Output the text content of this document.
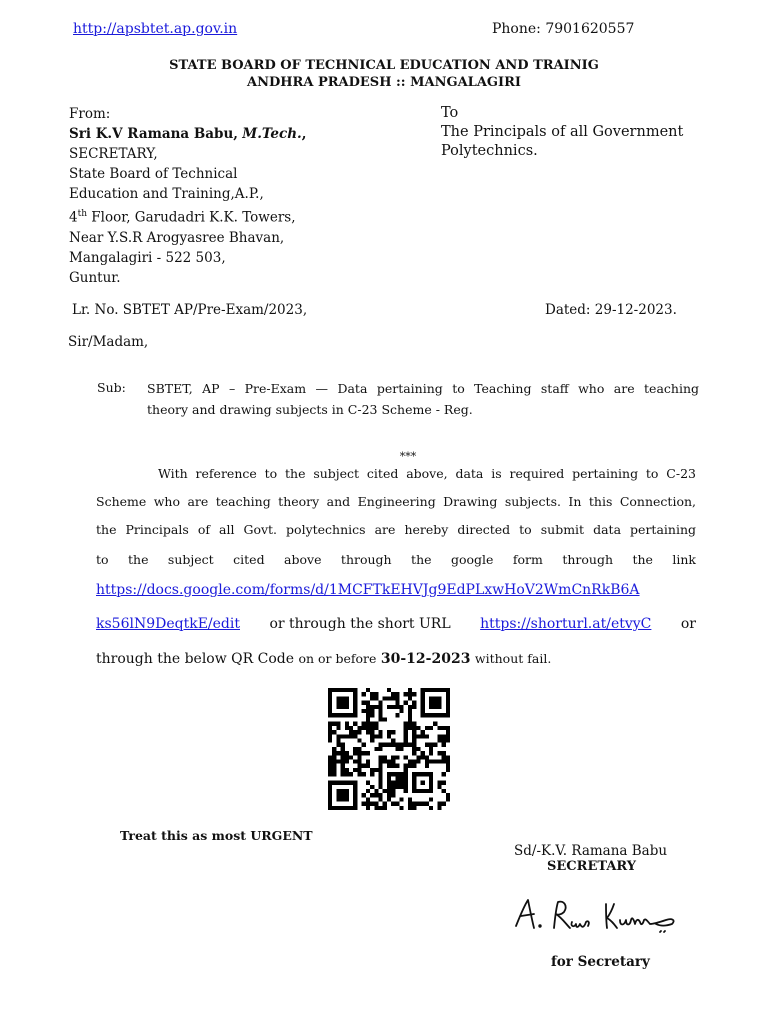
http://apsbtet.ap.gov.in	Phone: 7901620557
STATE BOARD OF TECHNICAL EDUCATION AND TRAINIG
ANDHRA PRADESH :: MANGALAGIRI
From:
Sri K.V Ramana Babu, M.Tech.,
SECRETARY,
State Board of Technical
Education and Training,A.P.,
4th Floor, Garudadri K.K. Towers,
Near Y.S.R Arogyasree Bhavan,
Mangalagiri - 522 503,
Guntur.
To
The Principals of all Government
Polytechnics.
Lr. No. SBTET AP/Pre-Exam/2023,	Dated: 29-12-2023.
Sir/Madam,
Sub: SBTET, AP – Pre-Exam — Data pertaining to Teaching staff who are teaching
theory and drawing subjects in C-23 Scheme - Reg.
***
With reference to the subject cited above, data is required pertaining to C-23
Scheme who are teaching theory and Engineering Drawing subjects. In this Connection,
the Principals of all Govt. polytechnics are hereby directed to submit data pertaining
to the subject cited above through the google form through the link
https://docs.google.com/forms/d/1MCFTkEHVJg9EdPLxwHoV2WmCnRkB6A
ks56lN9DeqtkE/edit or through the short URL https://shorturl.at/etvyC or
through the below QR Code on or before 30-12-2023 without fail.
Treat this as most URGENT
Sd/-K.V. Ramana Babu
SECRETARY
for Secretary
